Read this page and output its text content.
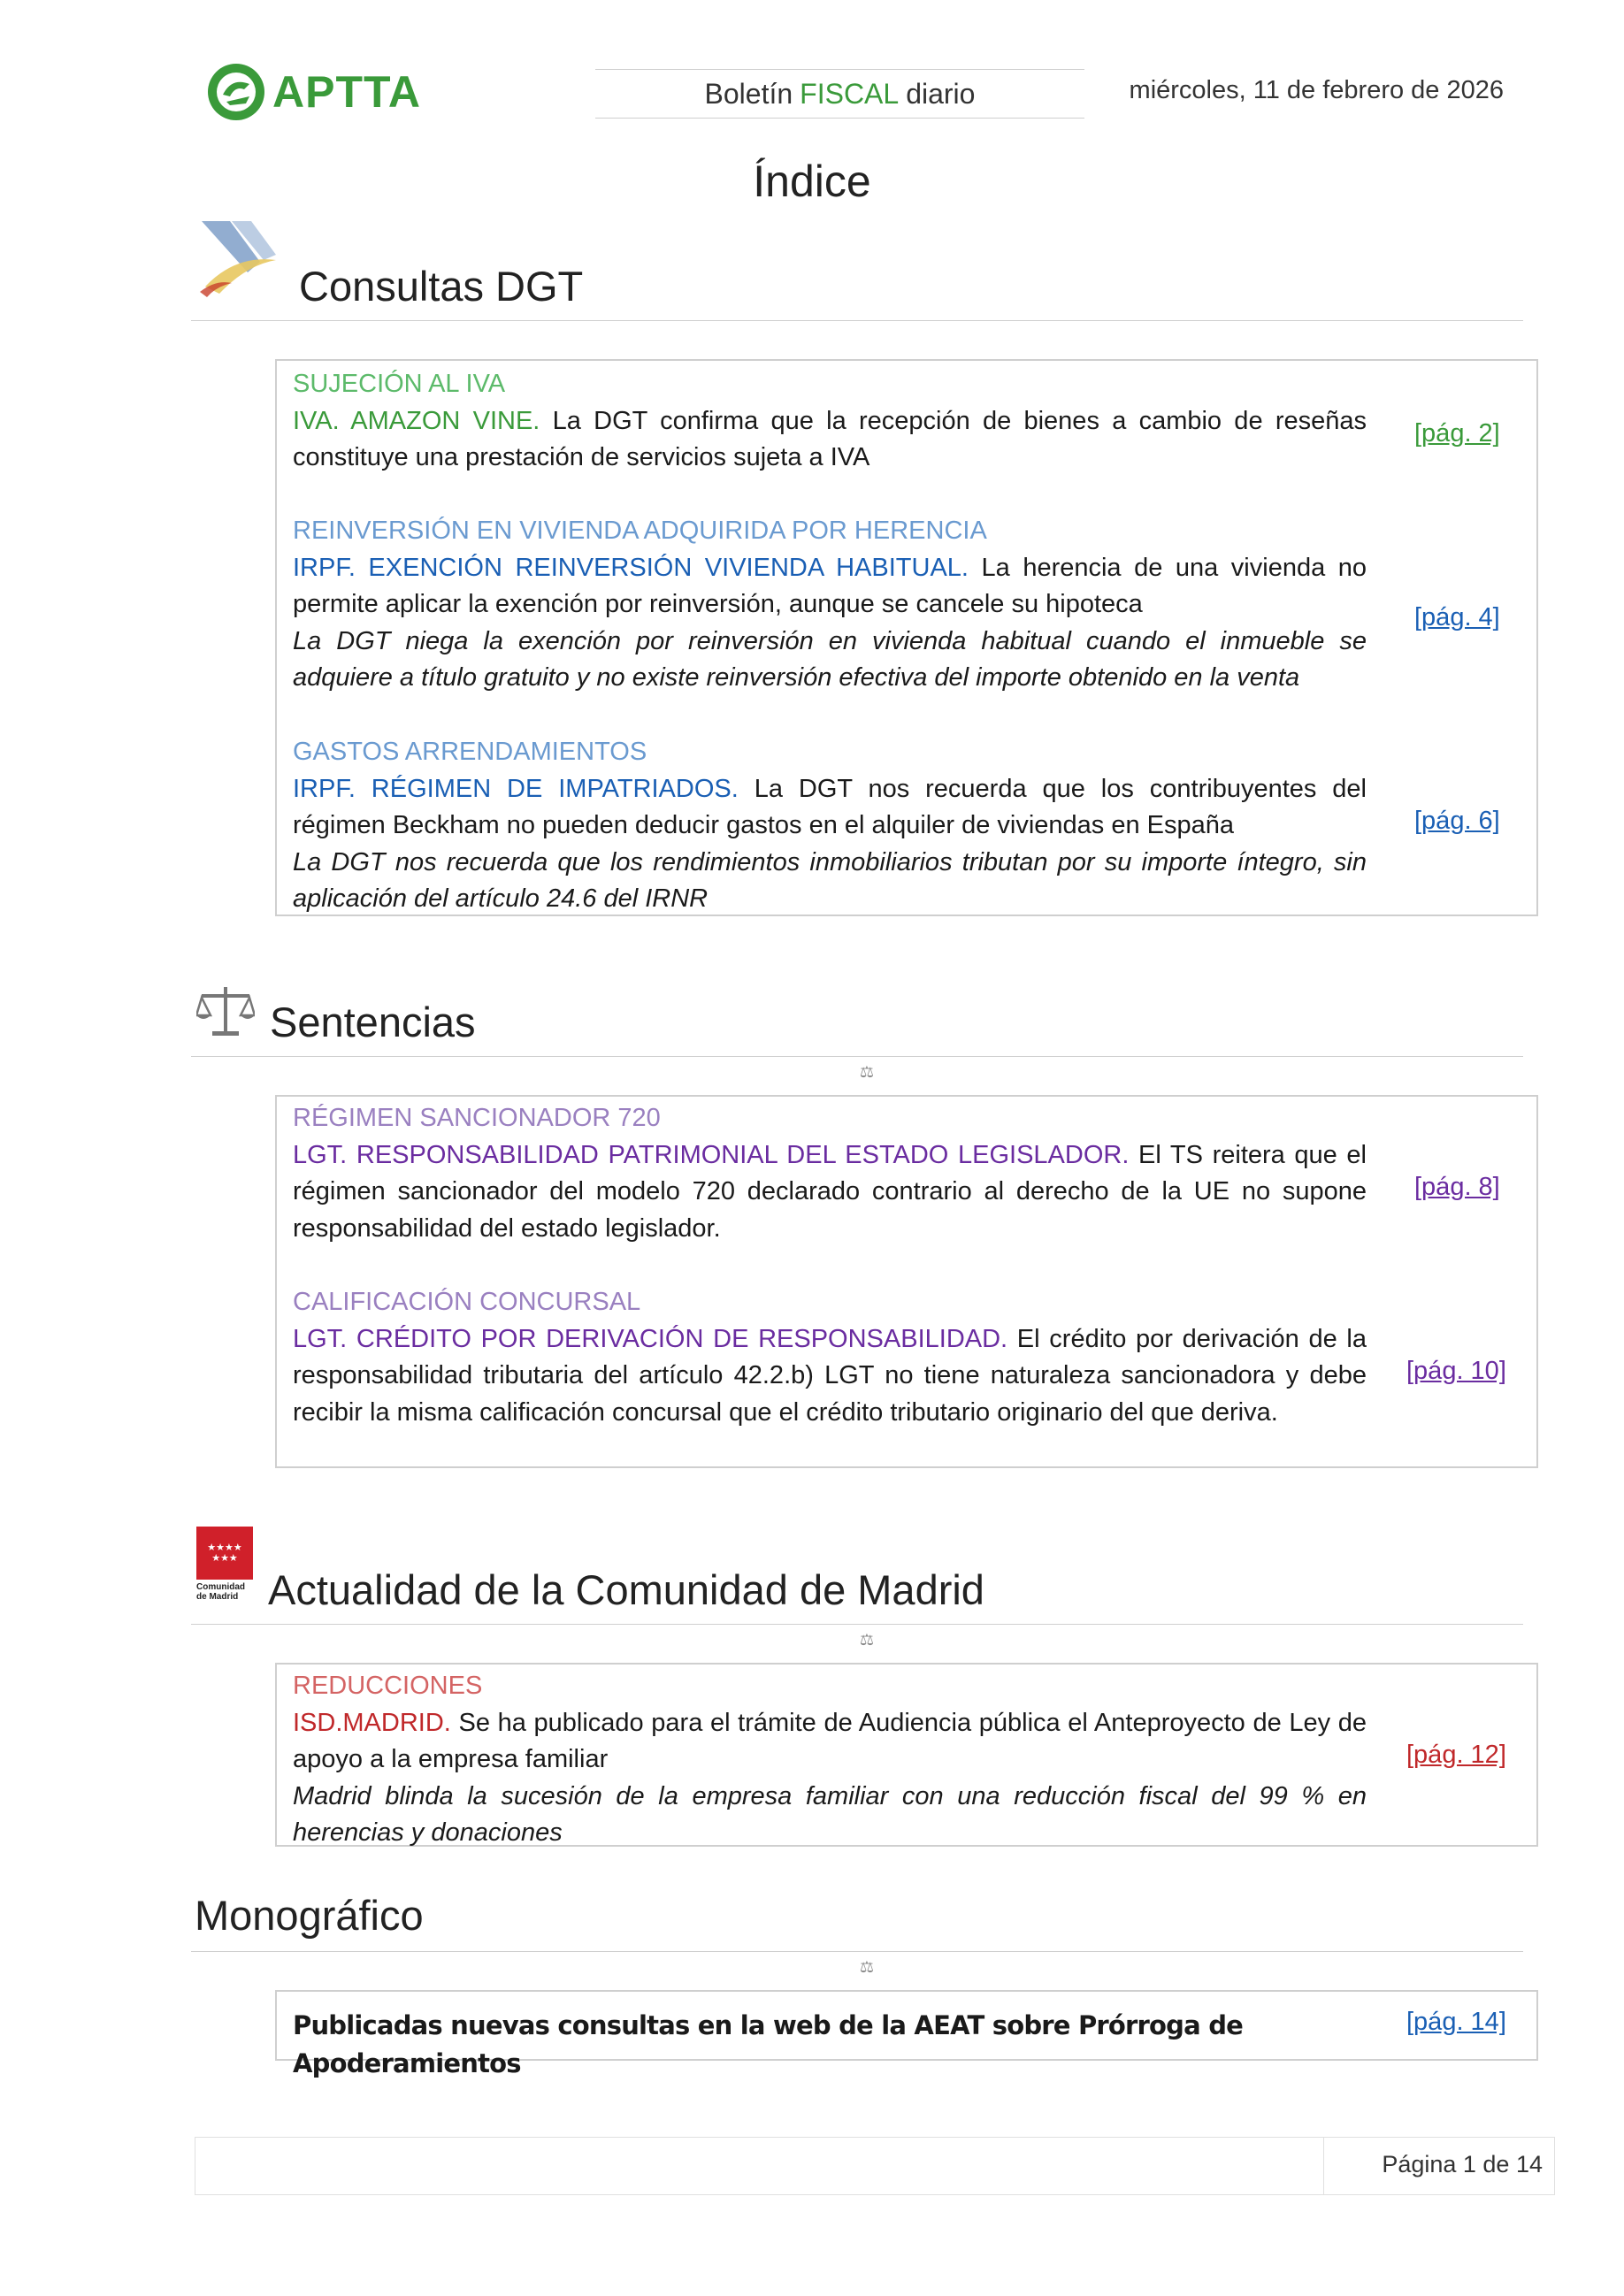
APTTA	Boletín FISCAL diario	miércoles, 11 de febrero de 2026
Índice
Consultas DGT
SUJECIÓN AL IVA
IVA. AMAZON VINE. La DGT confirma que la recepción de bienes a cambio de reseñas constituye una prestación de servicios sujeta a IVA
[pág. 2]
REINVERSIÓN EN VIVIENDA ADQUIRIDA POR HERENCIA
IRPF. EXENCIÓN REINVERSIÓN VIVIENDA HABITUAL. La herencia de una vivienda no permite aplicar la exención por reinversión, aunque se cancele su hipoteca
La DGT niega la exención por reinversión en vivienda habitual cuando el inmueble se adquiere a título gratuito y no existe reinversión efectiva del importe obtenido en la venta
[pág. 4]
GASTOS ARRENDAMIENTOS
IRPF. RÉGIMEN DE IMPATRIADOS. La DGT nos recuerda que los contribuyentes del régimen Beckham no pueden deducir gastos en el alquiler de viviendas en España
La DGT nos recuerda que los rendimientos inmobiliarios tributan por su importe íntegro, sin aplicación del artículo 24.6 del IRNR
[pág. 6]
Sentencias
⚖
RÉGIMEN SANCIONADOR 720
LGT. RESPONSABILIDAD PATRIMONIAL DEL ESTADO LEGISLADOR. El TS reitera que el régimen sancionador del modelo 720 declarado contrario al derecho de la UE no supone responsabilidad del estado legislador.
[pág. 8]
CALIFICACIÓN CONCURSAL
LGT. CRÉDITO POR DERIVACIÓN DE RESPONSABILIDAD. El crédito por derivación de la responsabilidad tributaria del artículo 42.2.b) LGT no tiene naturaleza sancionadora y debe recibir la misma calificación concursal que el crédito tributario originario del que deriva.
[pág. 10]
★★★★
★★★
Comunidad
de Madrid Actualidad de la Comunidad de Madrid
⚖
REDUCCIONES
ISD.MADRID. Se ha publicado para el trámite de Audiencia pública el Anteproyecto de Ley de apoyo a la empresa familiar
Madrid blinda la sucesión de la empresa familiar con una reducción fiscal del 99 % en herencias y donaciones
[pág. 12]
Monográfico
⚖
Publicadas nuevas consultas en la web de la AEAT sobre Prórroga de Apoderamientos
[pág. 14]
Página 1 de 14
